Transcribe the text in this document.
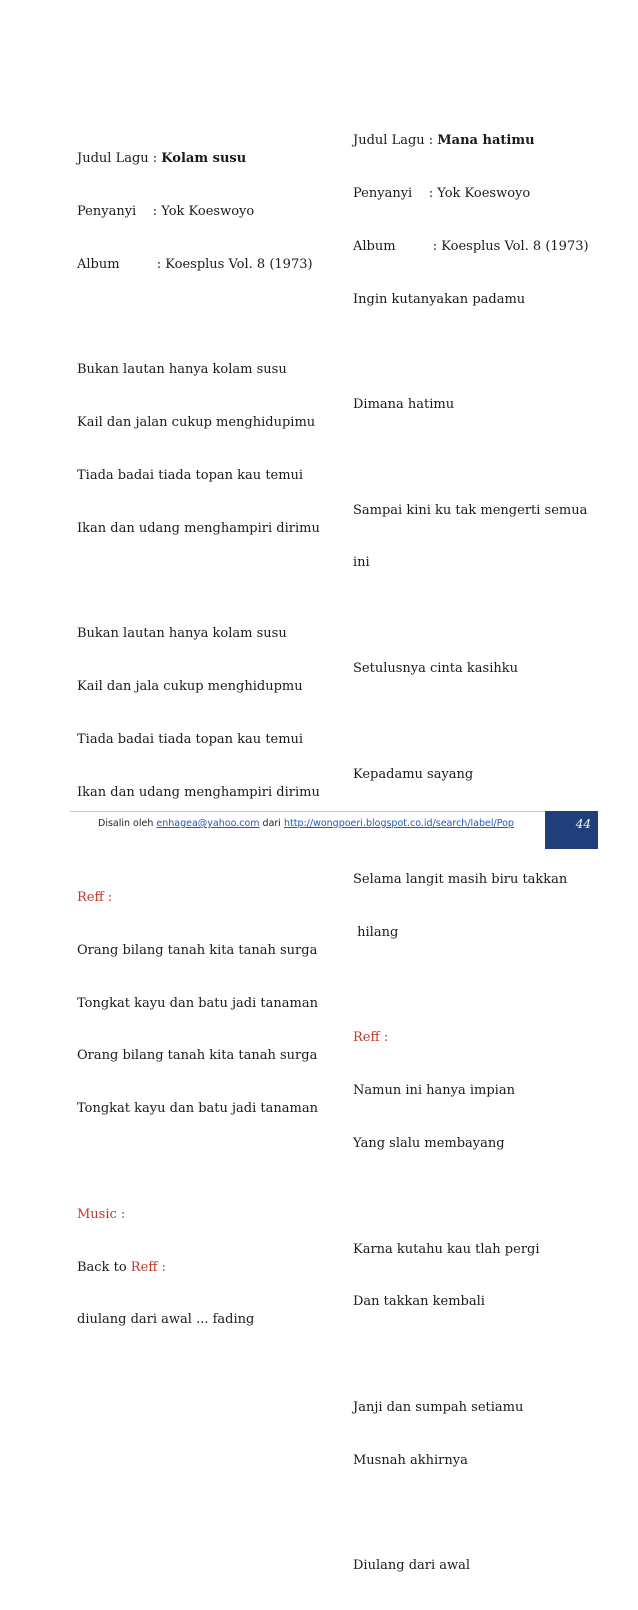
Judul Lagu : Kolam susu

Penyanyi    : Yok Koeswoyo

Album         : Koesplus Vol. 8 (1973)

Bukan lautan hanya kolam susu

Kail dan jalan cukup menghidupimu

Tiada badai tiada topan kau temui

Ikan dan udang menghampiri dirimu

Bukan lautan hanya kolam susu

Kail dan jala cukup menghidupmu

Tiada badai tiada topan kau temui

Ikan dan udang menghampiri dirimu

Reff :

Orang bilang tanah kita tanah surga

Tongkat kayu dan batu jadi tanaman

Orang bilang tanah kita tanah surga

Tongkat kayu dan batu jadi tanaman

Music :

Back to Reff :

diulang dari awal ... fading

Judul Lagu : Mana hatimu

Penyanyi    : Yok Koeswoyo

Album         : Koesplus Vol. 8 (1973)

Ingin kutanyakan padamu

Dimana hatimu

Sampai kini ku tak mengerti semua

ini

Setulusnya cinta kasihku

Kepadamu sayang

Selama langit masih biru takkan

hilang

Reff :

Namun ini hanya impian

Yang slalu membayang

Karna kutahu kau tlah pergi

Dan takkan kembali

Janji dan sumpah setiamu

Musnah akhirnya

Diulang dari awal

Disalin oleh enhagea@yahoo.com dari http://wongpoeri.blogspot.co.id/search/label/Pop	44
